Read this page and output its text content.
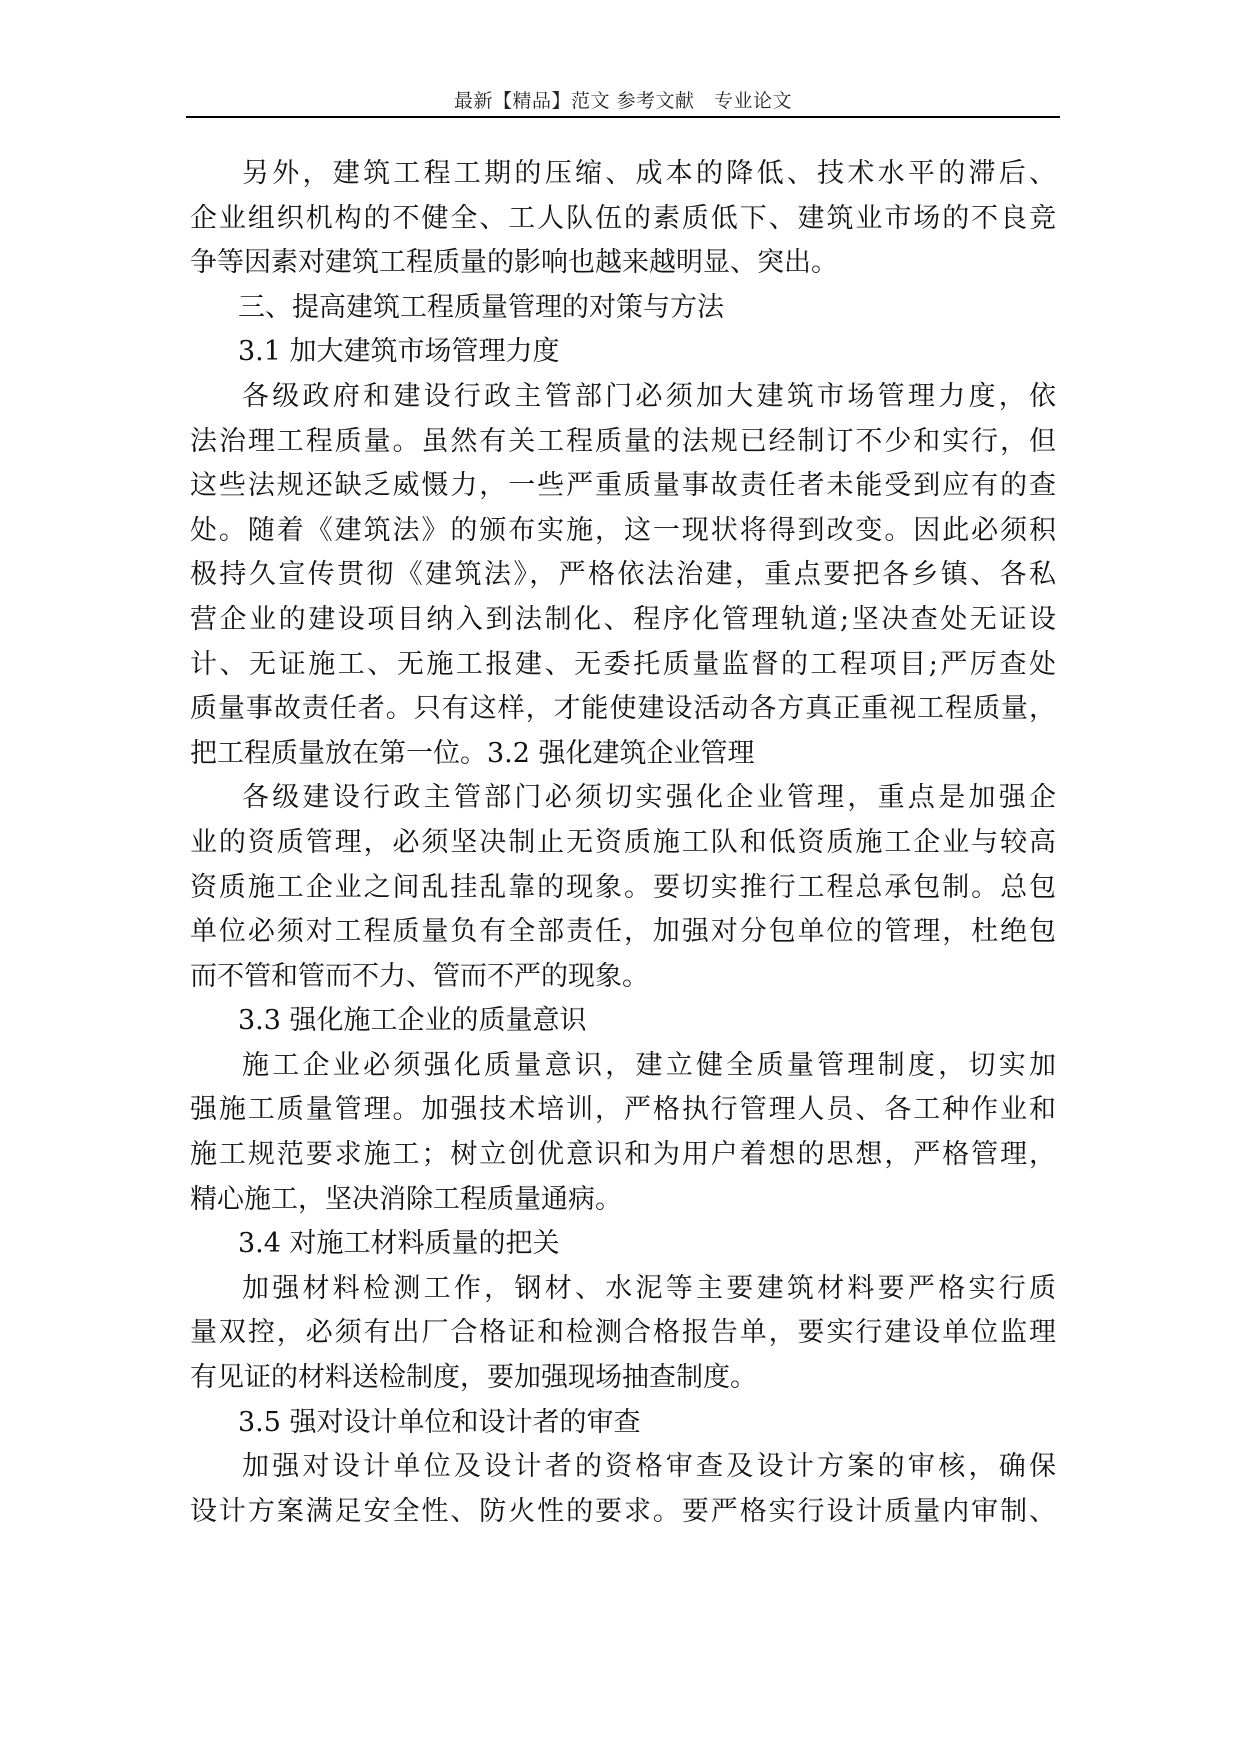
最新【精品】范文 参考文献　专业论文
另外，建筑工程工期的压缩、成本的降低、技术水平的滞后、
企业组织机构的不健全、工人队伍的素质低下、建筑业市场的不良竞
争等因素对建筑工程质量的影响也越来越明显、突出。
三、提高建筑工程质量管理的对策与方法
3.1 加大建筑市场管理力度
各级政府和建设行政主管部门必须加大建筑市场管理力度，依
法治理工程质量。虽然有关工程质量的法规已经制订不少和实行，但
这些法规还缺乏威慑力，一些严重质量事故责任者未能受到应有的查
处。随着《建筑法》的颁布实施，这一现状将得到改变。因此必须积
极持久宣传贯彻《建筑法》，严格依法治建，重点要把各乡镇、各私
营企业的建设项目纳入到法制化、程序化管理轨道;坚决查处无证设
计、无证施工、无施工报建、无委托质量监督的工程项目;严厉查处
质量事故责任者。只有这样，才能使建设活动各方真正重视工程质量，
把工程质量放在第一位。3.2 强化建筑企业管理
各级建设行政主管部门必须切实强化企业管理，重点是加强企
业的资质管理，必须坚决制止无资质施工队和低资质施工企业与较高
资质施工企业之间乱挂乱靠的现象。要切实推行工程总承包制。总包
单位必须对工程质量负有全部责任，加强对分包单位的管理，杜绝包
而不管和管而不力、管而不严的现象。
3.3 强化施工企业的质量意识
施工企业必须强化质量意识，建立健全质量管理制度，切实加
强施工质量管理。加强技术培训，严格执行管理人员、各工种作业和
施工规范要求施工；树立创优意识和为用户着想的思想，严格管理，
精心施工，坚决消除工程质量通病。
3.4 对施工材料质量的把关
加强材料检测工作，钢材、水泥等主要建筑材料要严格实行质
量双控，必须有出厂合格证和检测合格报告单，要实行建设单位监理
有见证的材料送检制度，要加强现场抽查制度。
3.5 强对设计单位和设计者的审查
加强对设计单位及设计者的资格审查及设计方案的审核，确保
设计方案满足安全性、防火性的要求。要严格实行设计质量内审制、
